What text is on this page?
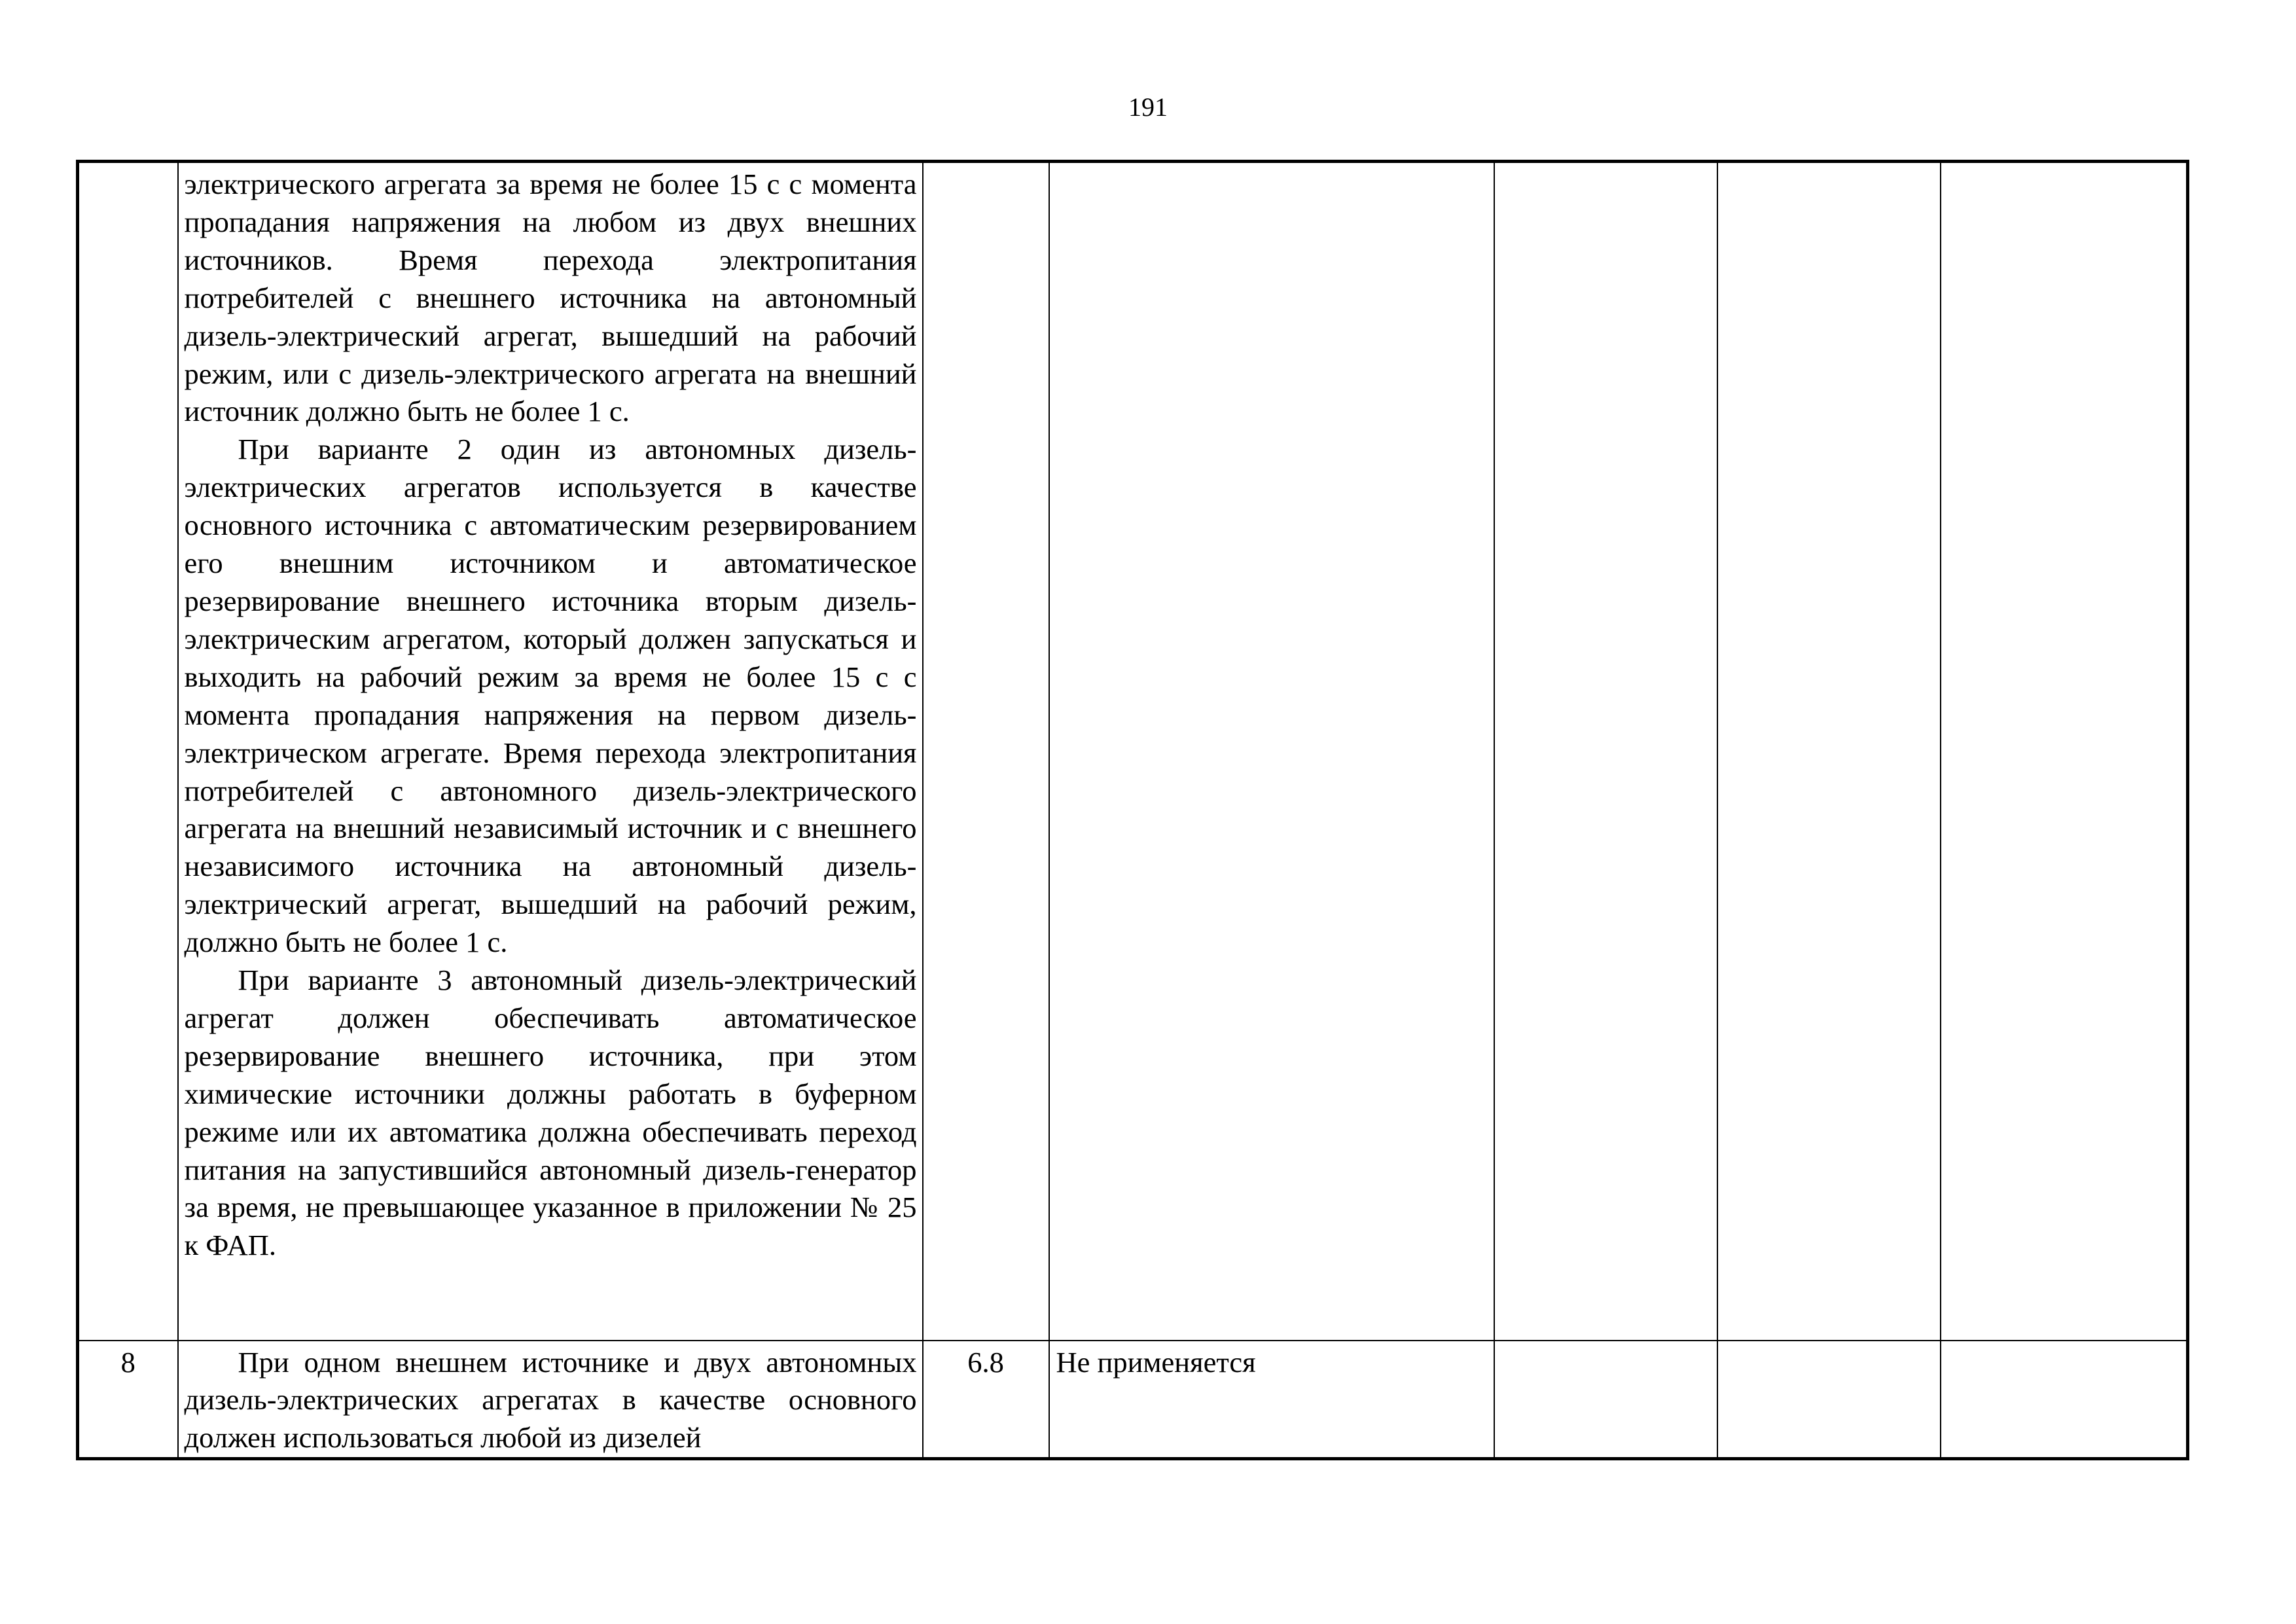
191

	электрического агрегата за время не более 15 с с момента пропадания напряжения на любом из двух внешних источников. Время перехода электропитания потребителей с внешнего источника на автономный дизель-электрический агрегат, вышедший на рабочий режим, или с дизель-электрического агрегата на внешний источник должно быть не более 1 с.

При варианте 2 один из автономных дизель-электрических агрегатов используется в качестве основного источника с автоматическим резервированием его внешним источником и автоматическое резервирование внешнего источника вторым дизель-электрическим агрегатом, который должен запускаться и выходить на рабочий режим за время не более 15 с с момента пропадания напряжения на первом дизель-электрическом агрегате. Время перехода электропитания потребителей с автономного дизель-электрического агрегата на внешний независимый источник и с внешнего независимого источника на автономный дизель-электрический агрегат, вышедший на рабочий режим, должно быть не более 1 с.

При варианте 3 автономный дизель-электрический агрегат должен обеспечивать автоматическое резервирование внешнего источника, при этом химические источники должны работать в буферном режиме или их автоматика должна обеспечивать переход питания на запустившийся автономный дизель-генератор за время, не превышающее указанное в приложении № 25 к ФАП.					

8	При одном внешнем источнике и двух автономных дизель-электрических агрегатах в качестве основного должен использоваться любой из дизелей	6.8	Не применяется			
